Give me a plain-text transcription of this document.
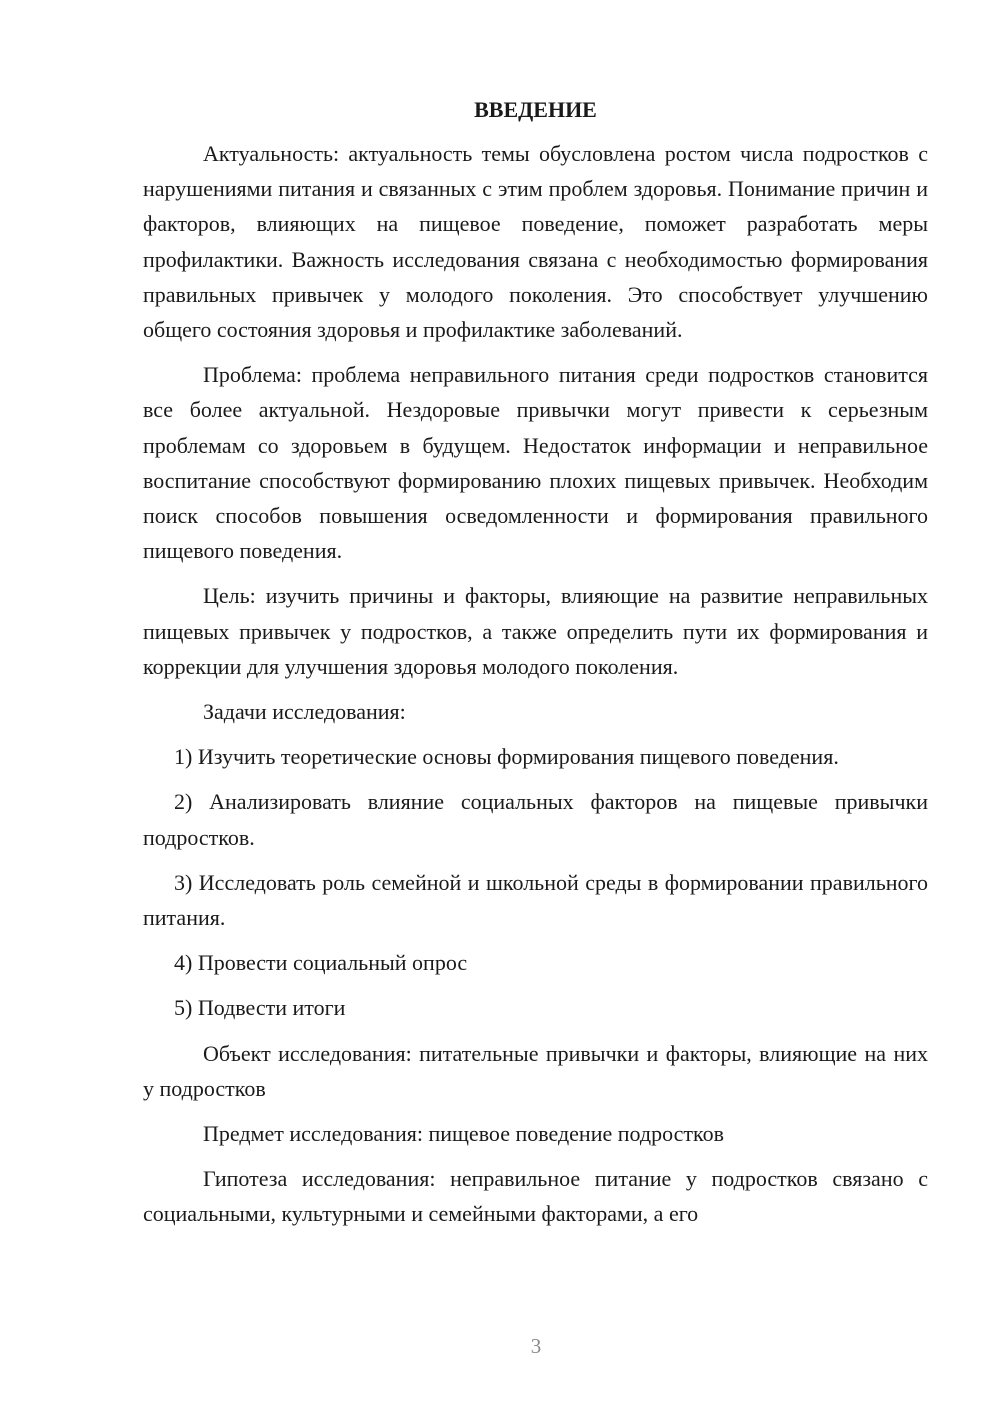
ВВЕДЕНИЕ

Актуальность: актуальность темы обусловлена ростом числа подростков с нарушениями питания и связанных с этим проблем здоровья. Понимание причин и факторов, влияющих на пищевое поведение, поможет разработать меры профилактики. Важность исследования связана с необходимостью формирования правильных привычек у молодого поколения. Это способствует улучшению общего состояния здоровья и профилактике заболеваний.

Проблема: проблема неправильного питания среди подростков становится все более актуальной. Нездоровые привычки могут привести к серьезным проблемам со здоровьем в будущем. Недостаток информации и неправильное воспитание способствуют формированию плохих пищевых привычек. Необходим поиск способов повышения осведомленности и формирования правильного пищевого поведения.

Цель: изучить причины и факторы, влияющие на развитие неправильных пищевых привычек у подростков, а также определить пути их формирования и коррекции для улучшения здоровья молодого поколения.

Задачи исследования:

1) Изучить теоретические основы формирования пищевого поведения.

2) Анализировать влияние социальных факторов на пищевые привычки подростков.

3) Исследовать роль семейной и школьной среды в формировании правильного питания.

4) Провести социальный опрос

5) Подвести итоги

Объект исследования: питательные привычки и факторы, влияющие на них у подростков

Предмет исследования: пищевое поведение подростков

Гипотеза исследования: неправильное питание у подростков связано с социальными, культурными и семейными факторами, а его

3
